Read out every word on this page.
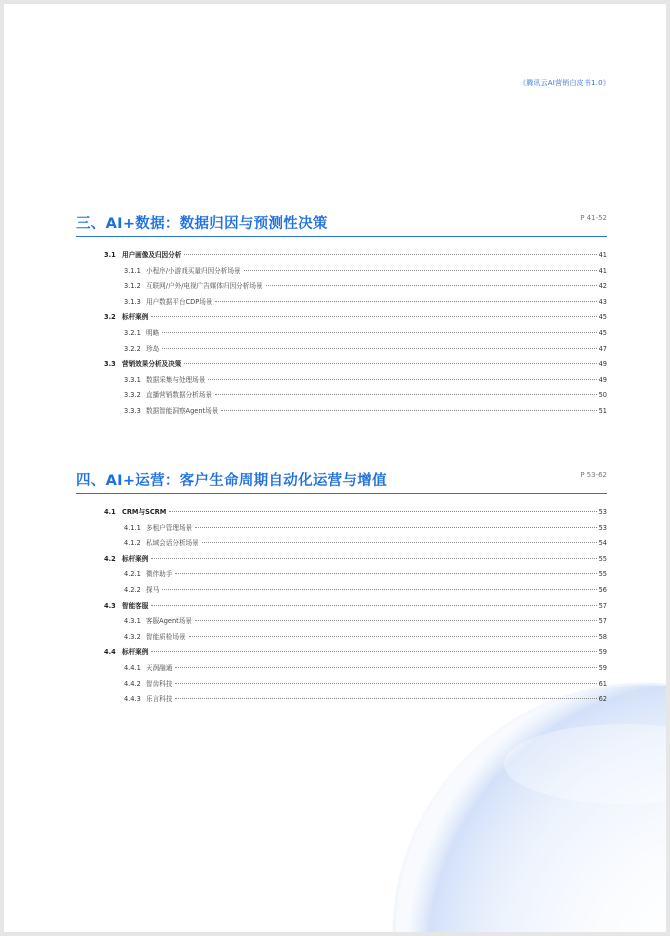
《腾讯云AI营销白皮书1.0》
三、AI+数据：数据归因与预测性决策	P 41-52
3.1 用户画像及归因分析	41
3.1.1 小程序/小游戏买量归因分析场景	41
3.1.2 互联网/户外/电视广告媒体归因分析场景	42
3.1.3 用户数据平台CDP场景	43
3.2 标杆案例	45
3.2.1 明略	45
3.2.2 珍岛	47
3.3 营销效果分析及决策	49
3.3.1 数据采集与处理场景	49
3.3.2 直播营销数据分析场景	50
3.3.3 数据智能洞察Agent场景	51
四、AI+运营：客户生命周期自动化运营与增值	P 53-62
4.1 CRM与SCRM	53
4.1.1 多租户管理场景	53
4.1.2 私域会话分析场景	54
4.2 标杆案例	55
4.2.1 微伴助手	55
4.2.2 探马	56
4.3 智能客服	57
4.3.1 客服Agent场景	57
4.3.2 智能质检场景	58
4.4 标杆案例	59
4.4.1 天润融通	59
4.4.2 智齿科技	61
4.4.3 乐言科技	62
